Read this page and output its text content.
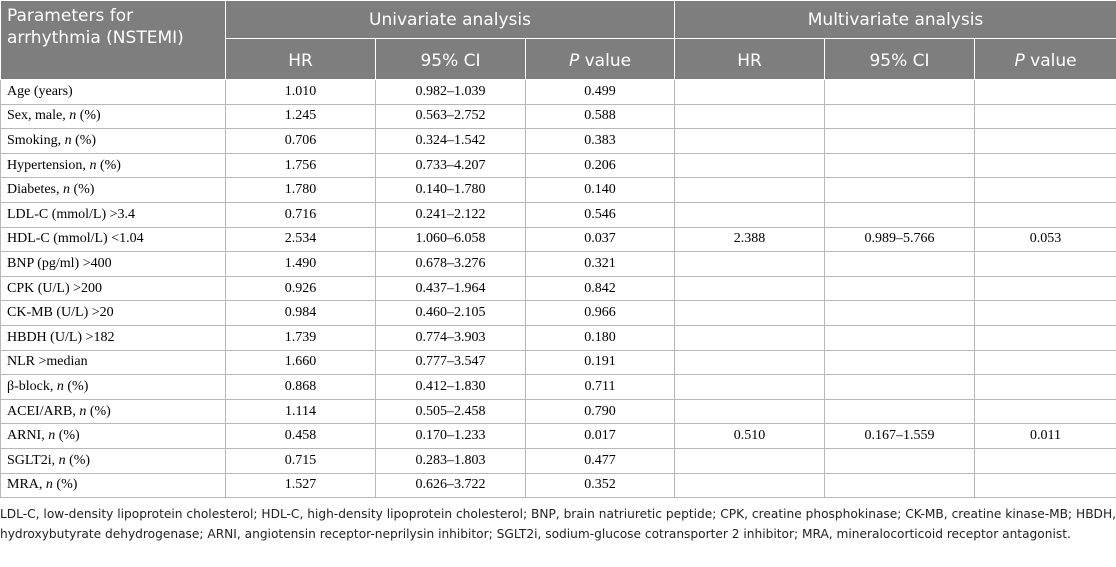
Parameters for arrhythmia (NSTEMI)	Univariate analysis			Multivariate analysis		
	HR	95% CI	P value	HR	95% CI	P value
Age (years)	1.010	0.982–1.039	0.499			
Sex, male, n (%)	1.245	0.563–2.752	0.588			
Smoking, n (%)	0.706	0.324–1.542	0.383			
Hypertension, n (%)	1.756	0.733–4.207	0.206			
Diabetes, n (%)	1.780	0.140–1.780	0.140			
LDL-C (mmol/L) >3.4	0.716	0.241–2.122	0.546			
HDL-C (mmol/L) <1.04	2.534	1.060–6.058	0.037	2.388	0.989–5.766	0.053
BNP (pg/ml) >400	1.490	0.678–3.276	0.321			
CPK (U/L) >200	0.926	0.437–1.964	0.842			
CK-MB (U/L) >20	0.984	0.460–2.105	0.966			
HBDH (U/L) >182	1.739	0.774–3.903	0.180			
NLR >median	1.660	0.777–3.547	0.191			
β-block, n (%)	0.868	0.412–1.830	0.711			
ACEI/ARB, n (%)	1.114	0.505–2.458	0.790			
ARNI, n (%)	0.458	0.170–1.233	0.017	0.510	0.167–1.559	0.011
SGLT2i, n (%)	0.715	0.283–1.803	0.477			
MRA, n (%)	1.527	0.626–3.722	0.352			
LDL-C, low-density lipoprotein cholesterol; HDL-C, high-density lipoprotein cholesterol; BNP, brain natriuretic peptide; CPK, creatine phosphokinase; CK-MB, creatine kinase-MB; HBDH, hydroxybutyrate dehydrogenase; ARNI, angiotensin receptor-neprilysin inhibitor; SGLT2i, sodium-glucose cotransporter 2 inhibitor; MRA, mineralocorticoid receptor antagonist.
